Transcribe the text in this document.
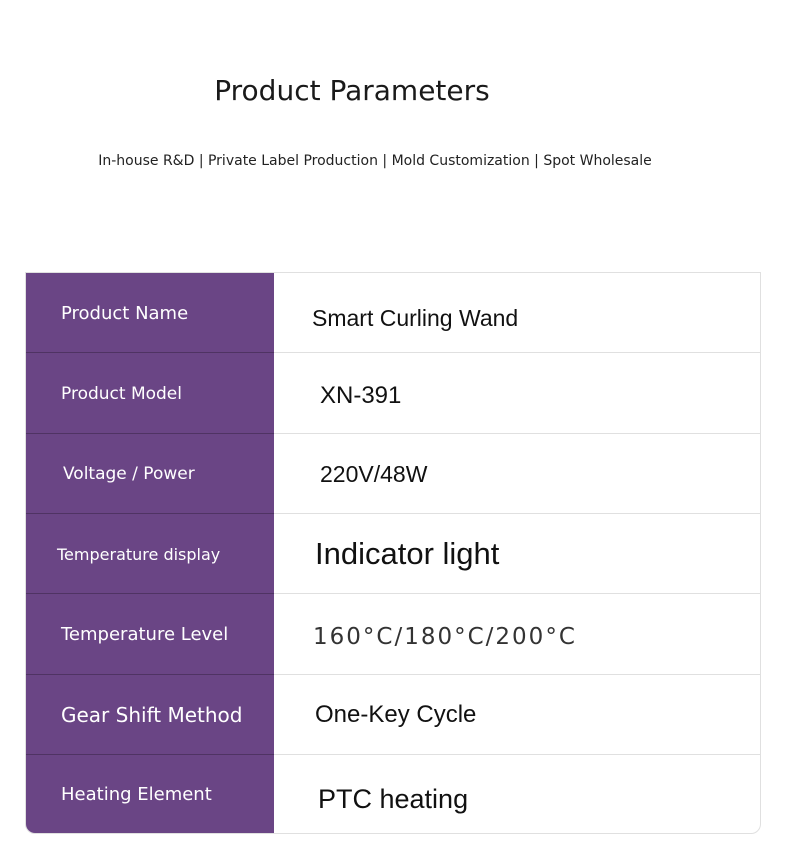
Product Parameters
In-house R&D | Private Label Production | Mold Customization | Spot Wholesale
Product Name	Smart Curling Wand
Product Model	XN-391
Voltage / Power	220V/48W
Temperature display	Indicator light
Temperature Level	160°C/180°C/200°C
Gear Shift Method	One-Key Cycle
Heating Element	PTC heating
